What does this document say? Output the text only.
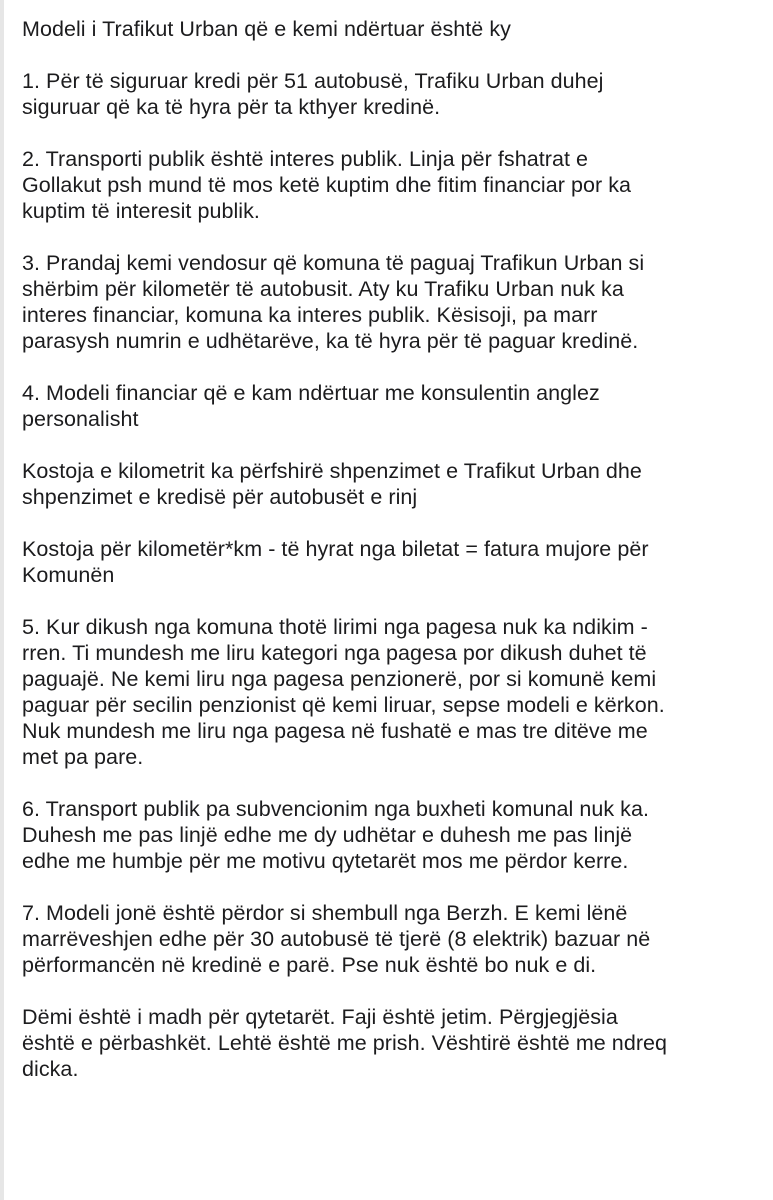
Modeli i Trafikut Urban që e kemi ndërtuar është ky

1. Për të siguruar kredi për 51 autobusë, Trafiku Urban duhej
siguruar që ka të hyra për ta kthyer kredinë.

2. Transporti publik është interes publik. Linja për fshatrat e
Gollakut psh mund të mos ketë kuptim dhe fitim financiar por ka
kuptim të interesit publik.

3. Prandaj kemi vendosur që komuna të paguaj Trafikun Urban si
shërbim për kilometër të autobusit. Aty ku Trafiku Urban nuk ka
interes financiar, komuna ka interes publik. Kësisoji, pa marr
parasysh numrin e udhëtarëve, ka të hyra për të paguar kredinë.

4. Modeli financiar që e kam ndërtuar me konsulentin anglez
personalisht

Kostoja e kilometrit ka përfshirë shpenzimet e Trafikut Urban dhe
shpenzimet e kredisë për autobusët e rinj

Kostoja për kilometër*km - të hyrat nga biletat = fatura mujore për
Komunën

5. Kur dikush nga komuna thotë lirimi nga pagesa nuk ka ndikim -
rren. Ti mundesh me liru kategori nga pagesa por dikush duhet të
paguajë. Ne kemi liru nga pagesa penzionerë, por si komunë kemi
paguar për secilin penzionist që kemi liruar, sepse modeli e kërkon.
Nuk mundesh me liru nga pagesa në fushatë e mas tre ditëve me
met pa pare.

6. Transport publik pa subvencionim nga buxheti komunal nuk ka.
Duhesh me pas linjë edhe me dy udhëtar e duhesh me pas linjë
edhe me humbje për me motivu qytetarët mos me përdor kerre.

7. Modeli jonë është përdor si shembull nga Berzh. E kemi lënë
marrëveshjen edhe për 30 autobusë të tjerë (8 elektrik) bazuar në
përformancën në kredinë e parë. Pse nuk është bo nuk e di.

Dëmi është i madh për qytetarët. Faji është jetim. Përgjegjësia
është e përbashkët. Lehtë është me prish. Vështirë është me ndreq
dicka.
